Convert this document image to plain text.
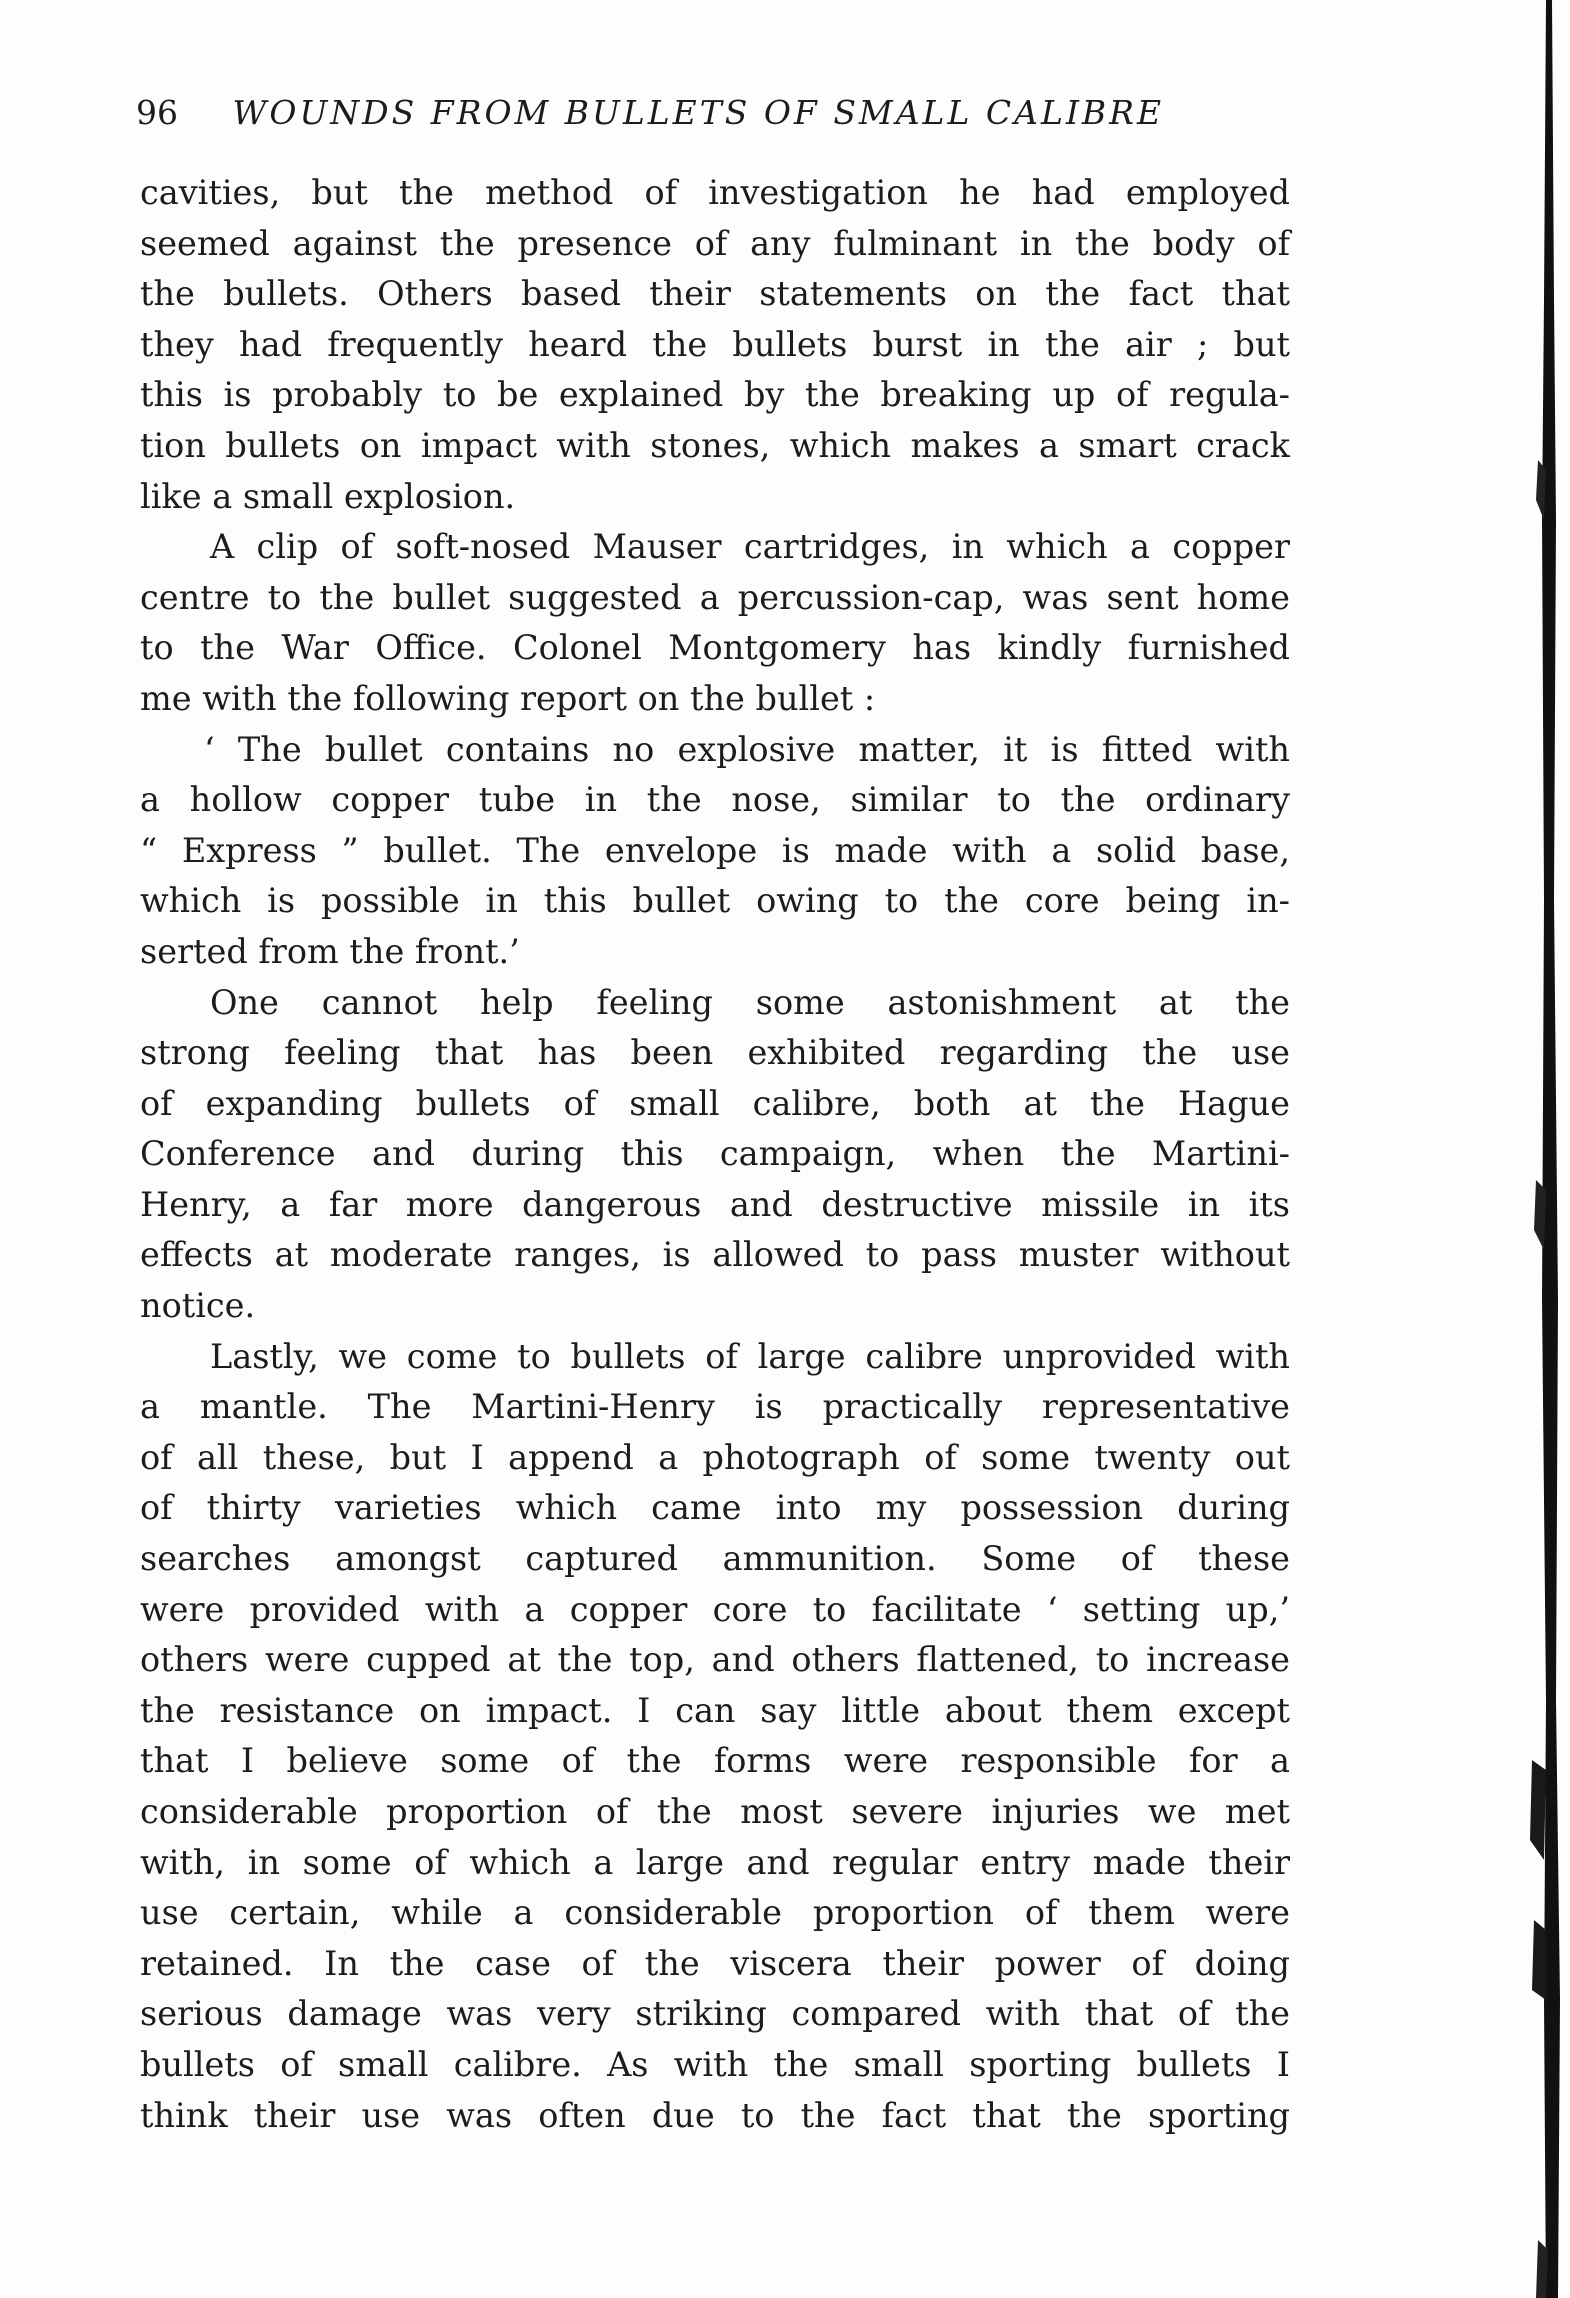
96 WOUNDS FROM BULLETS OF SMALL CALIBRE

cavities, but the method of investigation he had employed
seemed against the presence of any fulminant in the body of
the bullets. Others based their statements on the fact that
they had frequently heard the bullets burst in the air ; but
this is probably to be explained by the breaking up of regula-
tion bullets on impact with stones, which makes a smart crack
like a small explosion.

A clip of soft-nosed Mauser cartridges, in which a copper
centre to the bullet suggested a percussion-cap, was sent home
to the War Office. Colonel Montgomery has kindly furnished
me with the following report on the bullet :

‘ The bullet contains no explosive matter, it is fitted with
a hollow copper tube in the nose, similar to the ordinary
“ Express ” bullet. The envelope is made with a solid base,
which is possible in this bullet owing to the core being in-
serted from the front.’

One cannot help feeling some astonishment at the
strong feeling that has been exhibited regarding the use
of expanding bullets of small calibre, both at the Hague
Conference and during this campaign, when the Martini-
Henry, a far more dangerous and destructive missile in its
effects at moderate ranges, is allowed to pass muster without
notice.

Lastly, we come to bullets of large calibre unprovided with
a mantle. The Martini-Henry is practically representative
of all these, but I append a photograph of some twenty out
of thirty varieties which came into my possession during
searches amongst captured ammunition. Some of these
were provided with a copper core to facilitate ‘ setting up,’
others were cupped at the top, and others flattened, to increase
the resistance on impact. I can say little about them except
that I believe some of the forms were responsible for a
considerable proportion of the most severe injuries we met
with, in some of which a large and regular entry made their
use certain, while a considerable proportion of them were
retained. In the case of the viscera their power of doing
serious damage was very striking compared with that of the
bullets of small calibre. As with the small sporting bullets I
think their use was often due to the fact that the sporting
